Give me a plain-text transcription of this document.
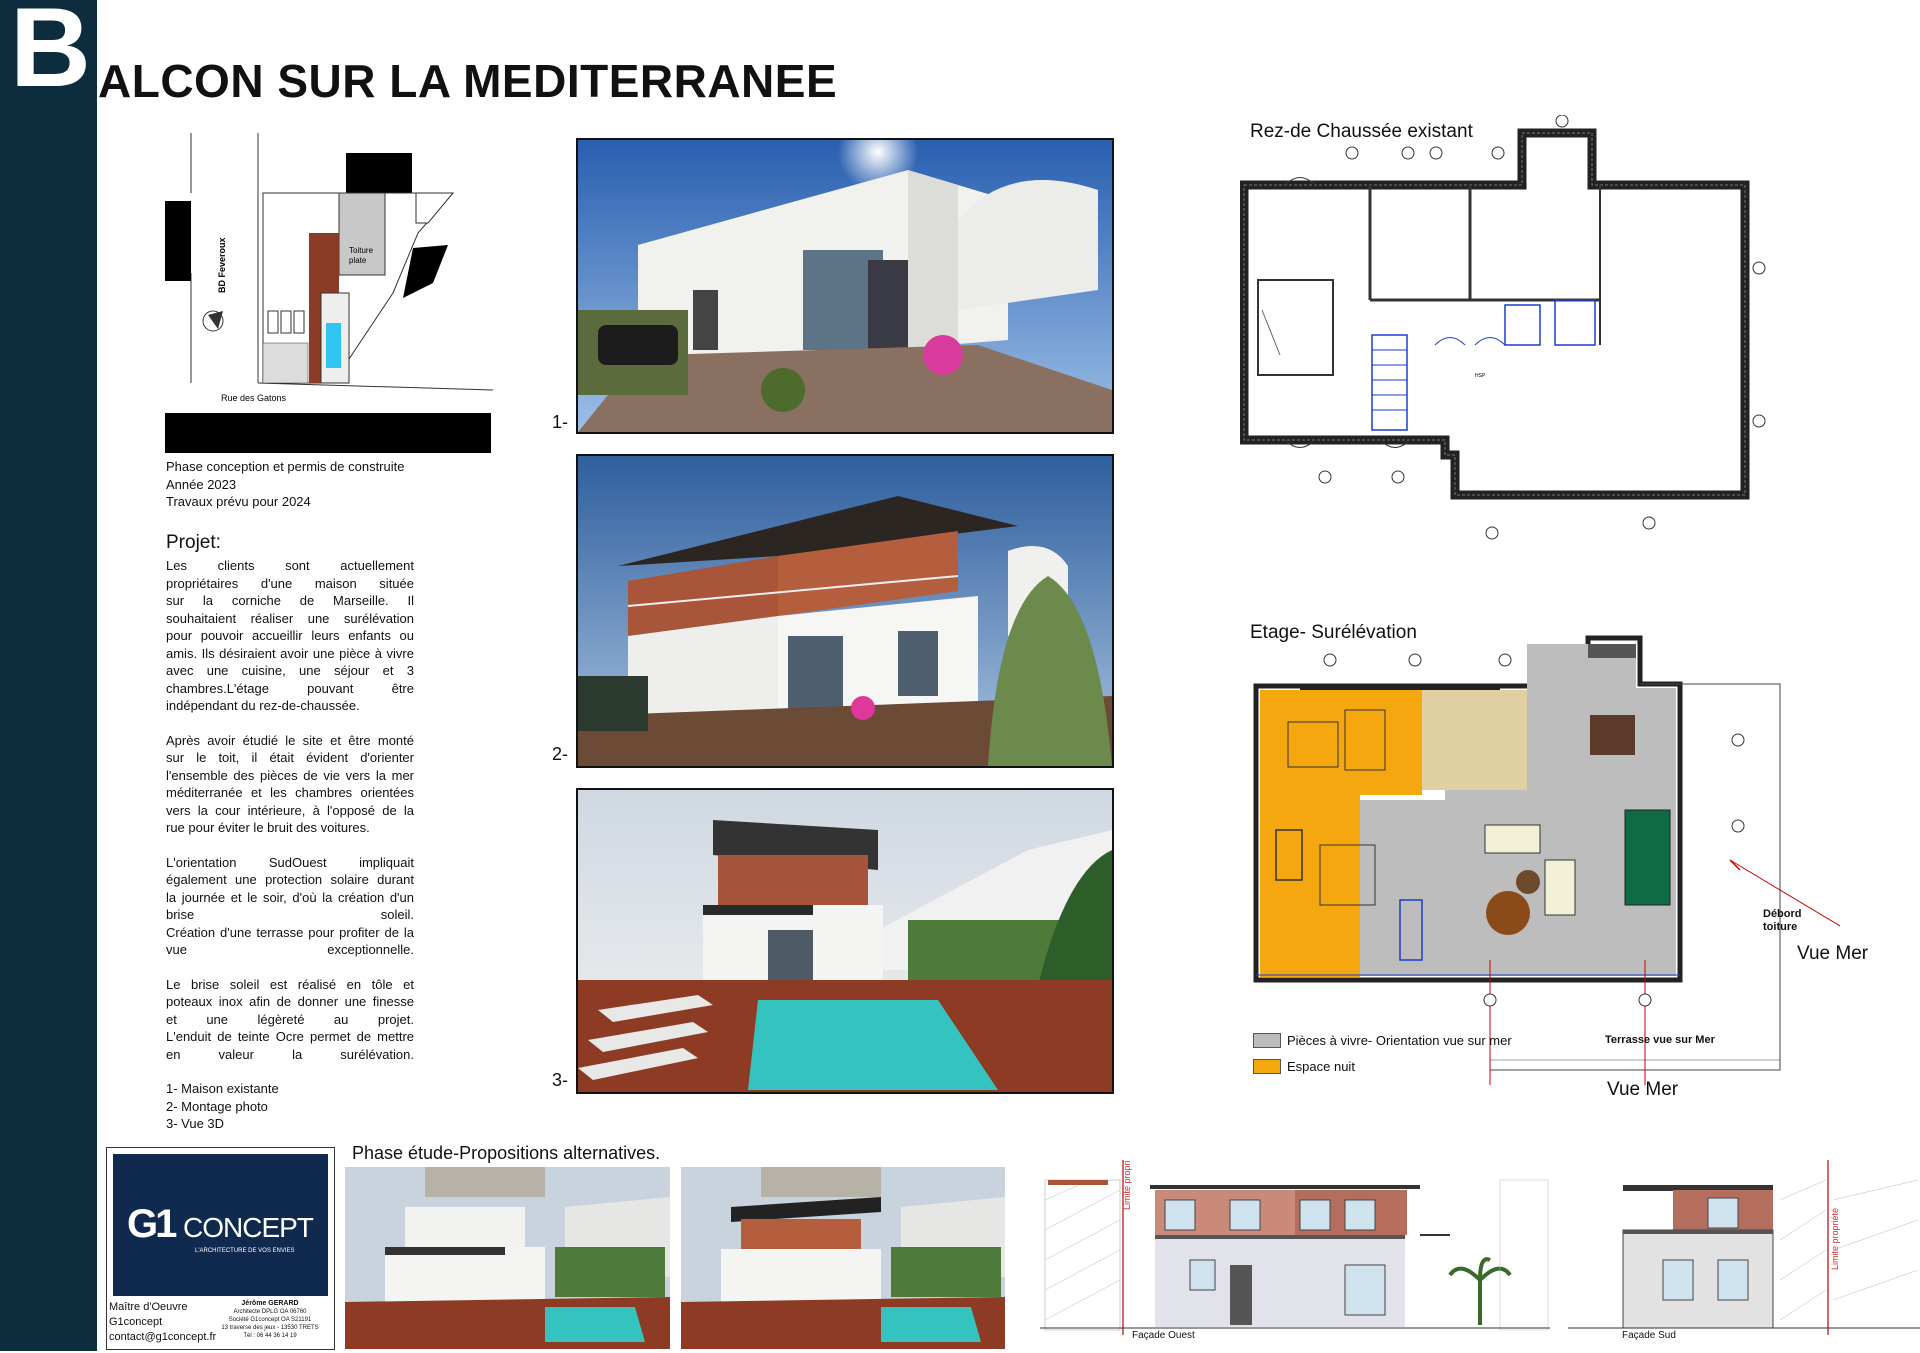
B ALCON SUR LA MEDITERRANEE
Toiture
plate
BD Feveroux
Rue des Gatons
Phase conception et permis de construite
Année 2023
Travaux prévu pour 2024
Projet:
Les clients sont actuellement
propriétaires d'une maison située
sur la corniche de Marseille. Il
souhaitaient réaliser une surélévation
pour pouvoir accueillir leurs enfants ou
amis. Ils désiraient avoir une pièce à vivre
avec une cuisine, une séjour et 3
chambres.L'étage pouvant être
indépendant du rez-de-chaussée.
Après avoir étudié le site et être monté
sur le toit, il était évident d'orienter
l'ensemble des pièces de vie vers la mer
méditerranée et les chambres orientées
vers la cour intérieure, à l'opposé de la
rue pour éviter le bruit des voitures.
L'orientation SudOuest impliquait
également une protection solaire durant
la journée et le soir, d'où la création d'un
brise soleil.
Création d'une terrasse pour profiter de la
vue exceptionnelle.
Le brise soleil est réalisé en tôle et
poteaux inox afin de donner une finesse
et une légèreté au projet.
L'enduit de teinte Ocre permet de mettre
en valeur la surélévation.
1- Maison existante
2- Montage photo
3- Vue 3D
1-
2-
3-
Rez-de Chaussée existant
HSP
Etage- Surélévation
Débord
toiture
Vue Mer
Vue Mer
Terrasse vue sur Mer
Pièces à vivre- Orientation vue sur mer
Espace nuit
G1 CONCEPT
L'ARCHITECTURE DE VOS ENVIES
Maître d'Oeuvre
G1concept
contact@g1concept.fr
Jérôme GERARD
Architecte DPLG OA 06760
Société G1concept OA S21191
13 traverse des jeux - 13530 TRETS
Tél : 06 44 36 14 19
Phase étude-Propositions alternatives.	Limite propriété
Façade Ouest
Limite propriété
Façade Sud
